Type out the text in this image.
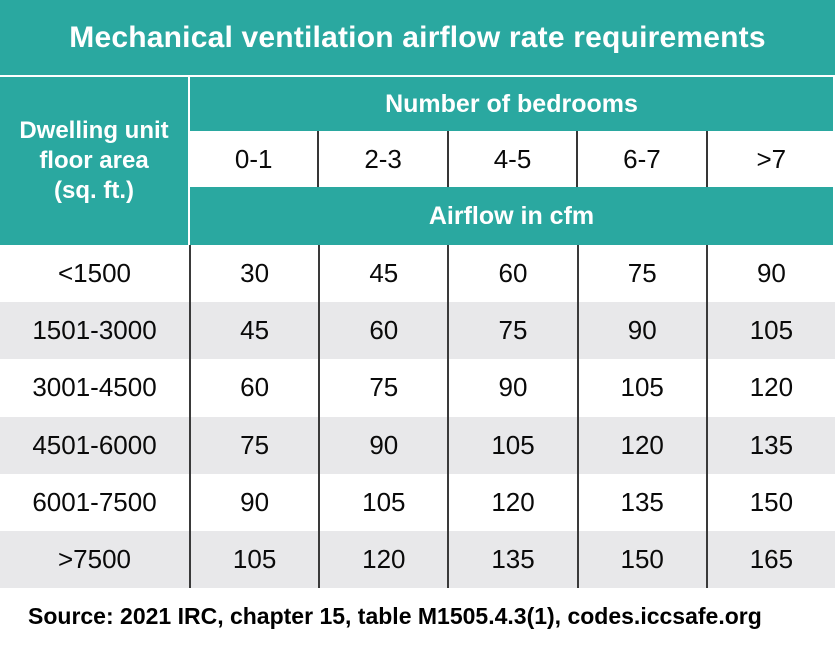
Mechanical ventilation airflow rate requirements
Dwelling unit
floor area
(sq. ft.)
Number of bedrooms
0-1	2-3	4-5	6-7	>7
Airflow in cfm
<1500	30	45	60	75	90
1501-3000	45	60	75	90	105
3001-4500	60	75	90	105	120
4501-6000	75	90	105	120	135
6001-7500	90	105	120	135	150
>7500	105	120	135	150	165
Source: 2021 IRC, chapter 15, table M1505.4.3(1), codes.iccsafe.org
